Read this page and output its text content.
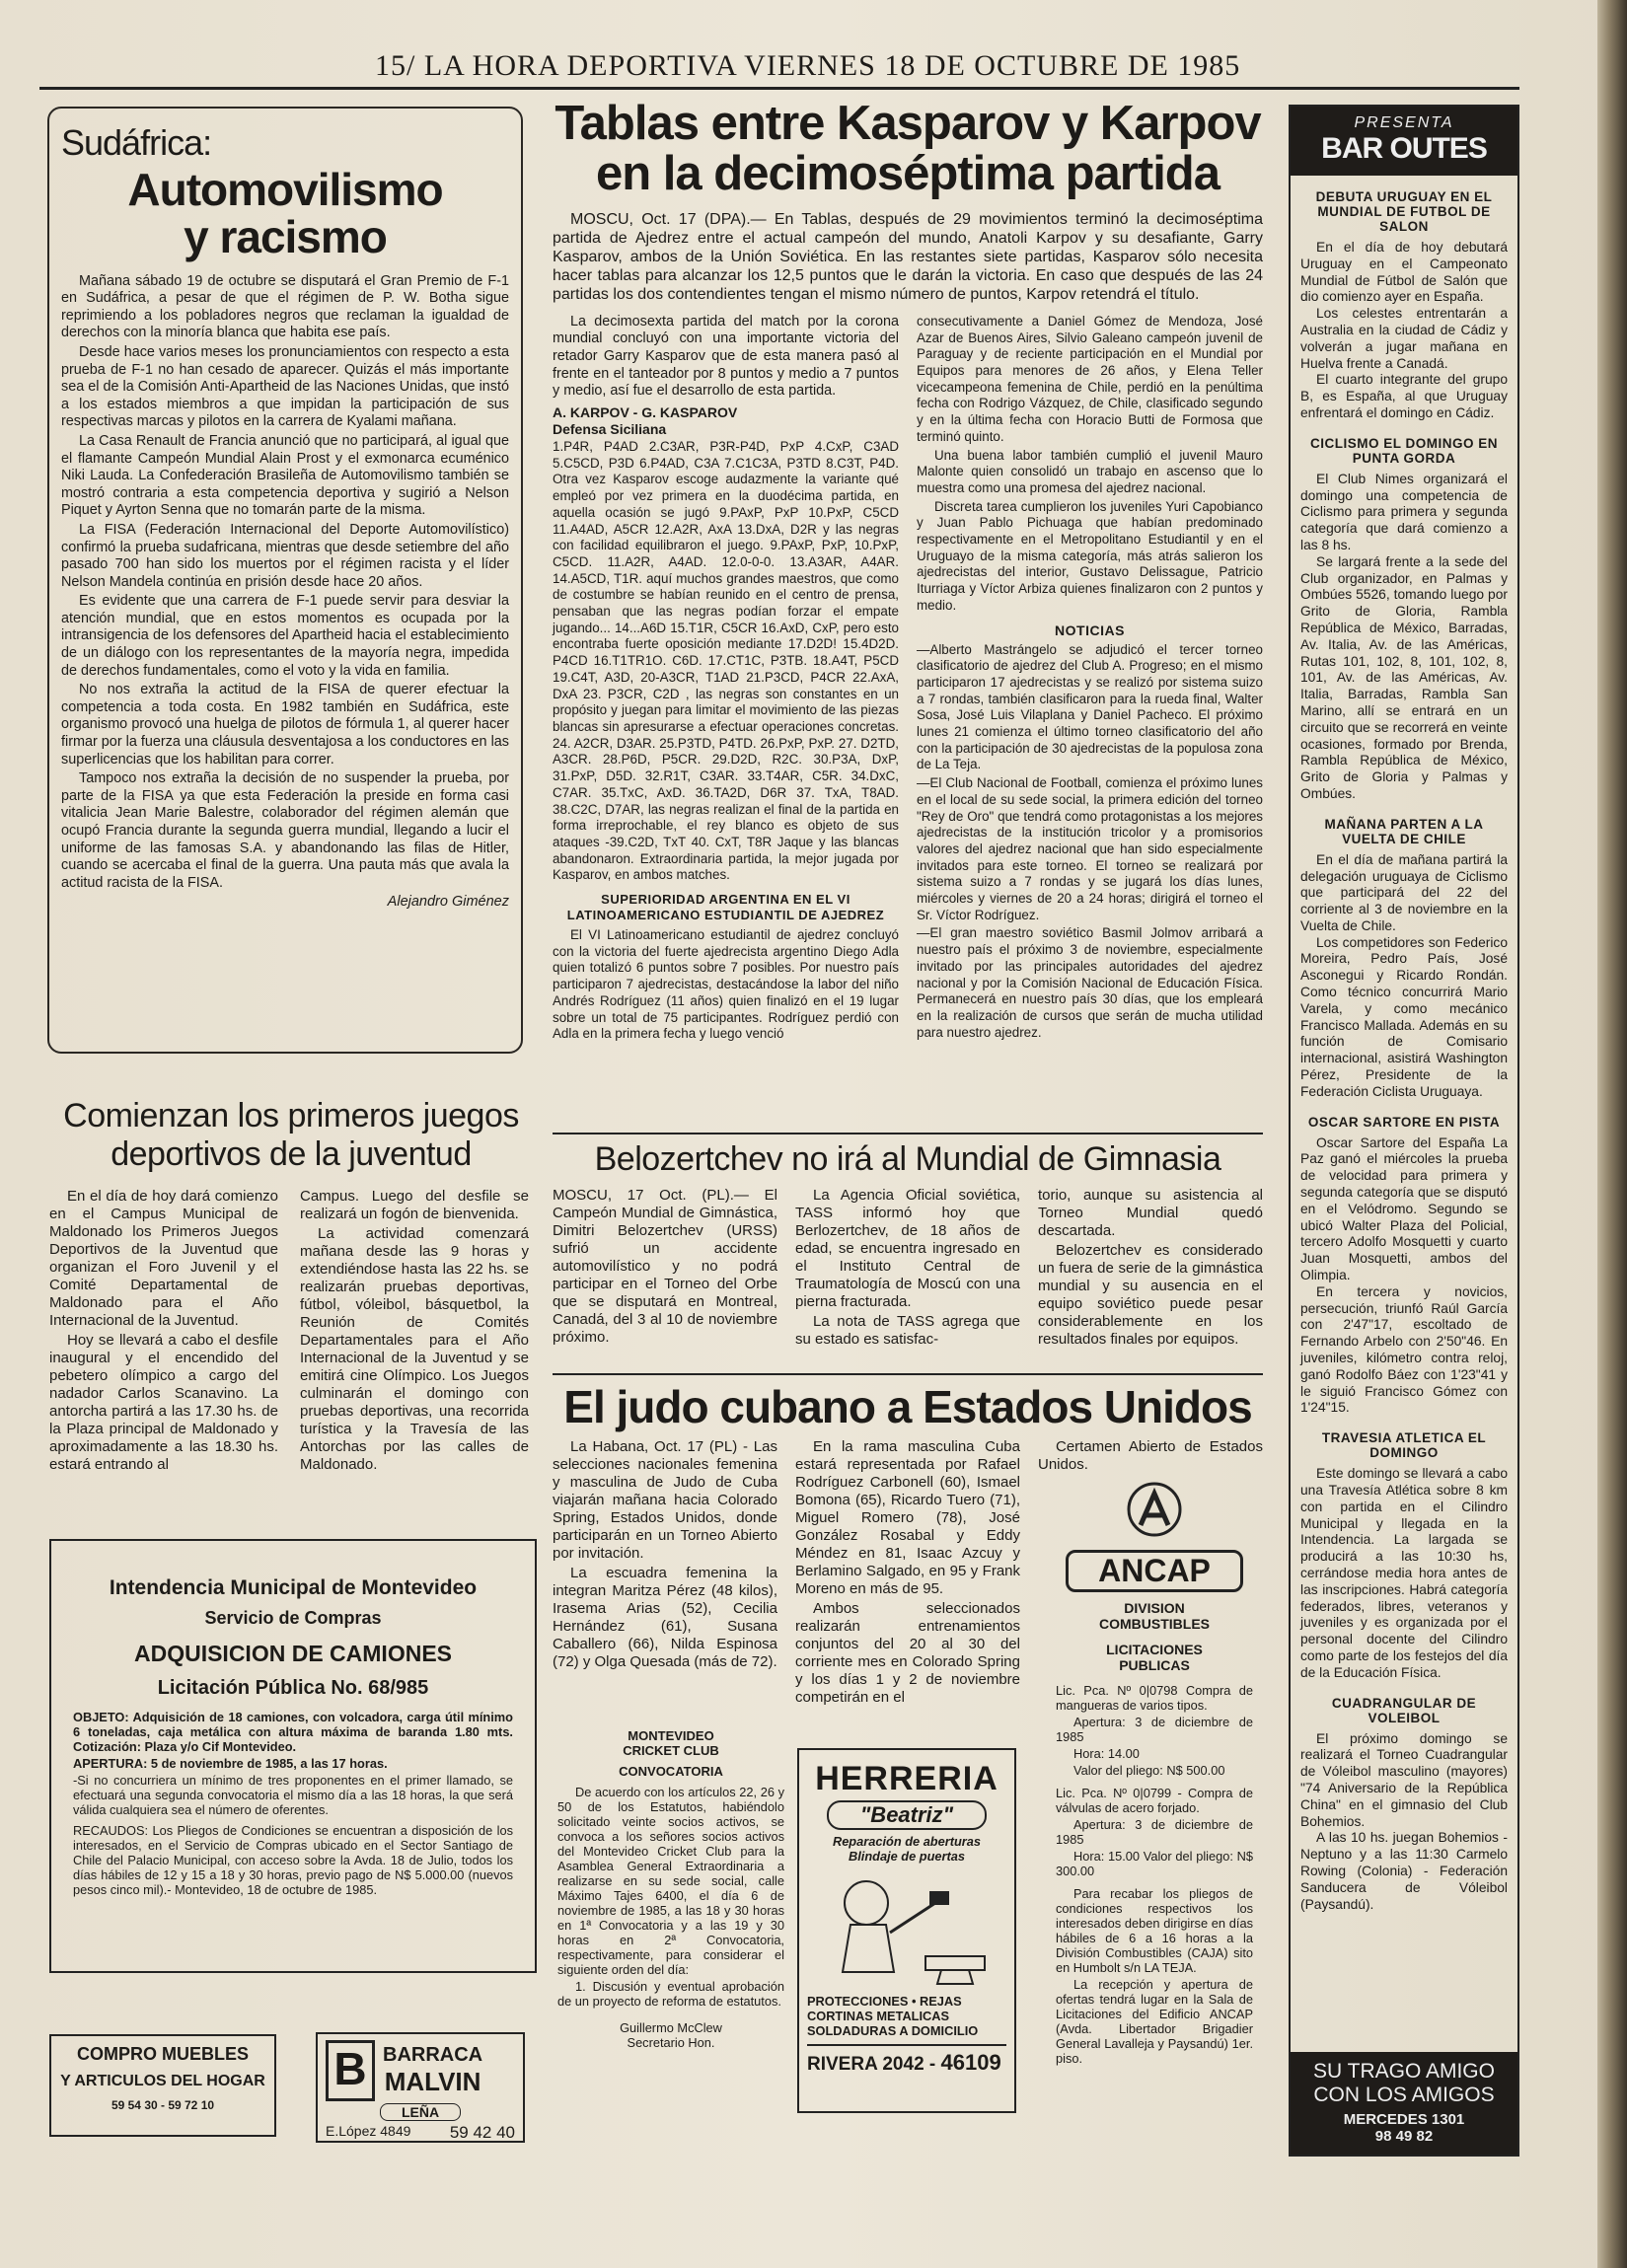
15/ LA HORA DEPORTIVA VIERNES 18 DE OCTUBRE DE 1985
Sudáfrica:
Automovilismo
y racismo

Mañana sábado 19 de octubre se disputará el Gran Premio de F-1 en Sudáfrica, a pesar de que el régimen de P. W. Botha sigue reprimiendo a los pobladores negros que reclaman la igualdad de derechos con la minoría blanca que habita ese país.

Desde hace varios meses los pronunciamientos con respecto a esta prueba de F-1 no han cesado de aparecer. Quizás el más importante sea el de la Comisión Anti-Apartheid de las Naciones Unidas, que instó a los estados miembros a que impidan la participación de sus respectivas marcas y pilotos en la carrera de Kyalami mañana.

La Casa Renault de Francia anunció que no participará, al igual que el flamante Campeón Mundial Alain Prost y el exmonarca ecuménico Niki Lauda. La Confederación Brasileña de Automovilismo también se mostró contraria a esta competencia deportiva y sugirió a Nelson Piquet y Ayrton Senna que no tomarán parte de la misma.

La FISA (Federación Internacional del Deporte Automovilístico) confirmó la prueba sudafricana, mientras que desde setiembre del año pasado 700 han sido los muertos por el régimen racista y el líder Nelson Mandela continúa en prisión desde hace 20 años.

Es evidente que una carrera de F-1 puede servir para desviar la atención mundial, que en estos momentos es ocupada por la intransigencia de los defensores del Apartheid hacia el establecimiento de un diálogo con los representantes de la mayoría negra, impedida de derechos fundamentales, como el voto y la vida en familia.

No nos extraña la actitud de la FISA de querer efectuar la competencia a toda costa. En 1982 también en Sudáfrica, este organismo provocó una huelga de pilotos de fórmula 1, al querer hacer firmar por la fuerza una cláusula desventajosa a los conductores en las superlicencias que los habilitan para correr.

Tampoco nos extraña la decisión de no suspender la prueba, por parte de la FISA ya que esta Federación la preside en forma casi vitalicia Jean Marie Balestre, colaborador del régimen alemán que ocupó Francia durante la segunda guerra mundial, llegando a lucir el uniforme de las famosas S.A. y abandonando las filas de Hitler, cuando se acercaba el final de la guerra. Una pauta más que avala la actitud racista de la FISA.

Alejandro Giménez
Tablas entre Kasparov y Karpov
en la decimoséptima partida

MOSCU, Oct. 17 (DPA).— En Tablas, después de 29 movimientos terminó la decimoséptima partida de Ajedrez entre el actual campeón del mundo, Anatoli Karpov y su desafiante, Garry Kasparov, ambos de la Unión Soviética. En las restantes siete partidas, Kasparov sólo necesita hacer tablas para alcanzar los 12,5 puntos que le darán la victoria. En caso que después de las 24 partidas los dos contendientes tengan el mismo número de puntos, Karpov retendrá el título.

La decimosexta partida del match por la corona mundial concluyó con una importante victoria del retador Garry Kasparov que de esta manera pasó al frente en el tanteador por 8 puntos y medio a 7 puntos y medio, así fue el desarrollo de esta partida.

A. KARPOV - G. KASPAROV
Defensa Siciliana

1.P4R, P4AD 2.C3AR, P3R-P4D, PxP 4.CxP, C3AD 5.C5CD, P3D 6.P4AD, C3A 7.C1C3A, P3TD 8.C3T, P4D. Otra vez Kasparov escoge audazmente la variante qué empleó por vez primera en la duodécima partida, en aquella ocasión se jugó 9.PAxP, PxP 10.PxP, C5CD 11.A4AD, A5CR 12.A2R, AxA 13.DxA, D2R y las negras con facilidad equilibraron el juego. 9.PAxP, PxP, 10.PxP, C5CD. 11.A2R, A4AD. 12.0-0-0. 13.A3AR, A4AR. 14.A5CD, T1R. aquí muchos grandes maestros, que como de costumbre se habían reunido en el centro de prensa, pensaban que las negras podían forzar el empate jugando... 14...A6D 15.T1R, C5CR 16.AxD, CxP, pero esto encontraba fuerte oposición mediante 17.D2D! 15.4D2D. P4CD 16.T1TR1O. C6D. 17.CT1C, P3TB. 18.A4T, P5CD 19.C4T, A3D, 20-A3CR, T1AD 21.P3CD, P4CR 22.AxA, DxA 23. P3CR, C2D , las negras son constantes en un propósito y juegan para limitar el movimiento de las piezas blancas sin apresurarse a efectuar operaciones concretas. 24. A2CR, D3AR. 25.P3TD, P4TD. 26.PxP, PxP. 27. D2TD, A3CR. 28.P6D, P5CR. 29.D2D, R2C. 30.P3A, DxP, 31.PxP, D5D. 32.R1T, C3AR. 33.T4AR, C5R. 34.DxC, C7AR. 35.TxC, AxD. 36.TA2D, D6R 37. TxA, T8AD. 38.C2C, D7AR, las negras realizan el final de la partida en forma irreprochable, el rey blanco es objeto de sus ataques -39.C2D, TxT 40. CxT, T8R Jaque y las blancas abandonaron. Extraordinaria partida, la mejor jugada por Kasparov, en ambos matches.

SUPERIORIDAD ARGENTINA EN EL VI LATINOAMERICANO ESTUDIANTIL DE AJEDREZ

El VI Latinoamericano estudiantil de ajedrez concluyó con la victoria del fuerte ajedrecista argentino Diego Adla quien totalizó 6 puntos sobre 7 posibles. Por nuestro país participaron 7 ajedrecistas, destacándose la labor del niño Andrés Rodríguez (11 años) quien finalizó en el 19 lugar sobre un total de 75 participantes. Rodríguez perdió con Adla en la primera fecha y luego venció

consecutivamente a Daniel Gómez de Mendoza, José Azar de Buenos Aires, Silvio Galeano campeón juvenil de Paraguay y de reciente participación en el Mundial por Equipos para menores de 26 años, y Elena Teller vicecampeona femenina de Chile, perdió en la penúltima fecha con Rodrigo Vázquez, de Chile, clasificado segundo y en la última fecha con Horacio Butti de Formosa que terminó quinto.

Una buena labor también cumplió el juvenil Mauro Malonte quien consolidó un trabajo en ascenso que lo muestra como una promesa del ajedrez nacional.

Discreta tarea cumplieron los juveniles Yuri Capobianco y Juan Pablo Pichuaga que habían predominado respectivamente en el Metropolitano Estudiantil y en el Uruguayo de la misma categoría, más atrás salieron los ajedrecistas del interior, Gustavo Delissague, Patricio Iturriaga y Víctor Arbiza quienes finalizaron con 2 puntos y medio.

NOTICIAS

—Alberto Mastrángelo se adjudicó el tercer torneo clasificatorio de ajedrez del Club A. Progreso; en el mismo participaron 17 ajedrecistas y se realizó por sistema suizo a 7 rondas, también clasificaron para la rueda final, Walter Sosa, José Luis Vilaplana y Daniel Pacheco. El próximo lunes 21 comienza el último torneo clasificatorio del año con la participación de 30 ajedrecistas de la populosa zona de La Teja.

—El Club Nacional de Football, comienza el próximo lunes en el local de su sede social, la primera edición del torneo "Rey de Oro" que tendrá como protagonistas a los mejores ajedrecistas de la institución tricolor y a promisorios valores del ajedrez nacional que han sido especialmente invitados para este torneo. El torneo se realizará por sistema suizo a 7 rondas y se jugará los días lunes, miércoles y viernes de 20 a 24 horas; dirigirá el torneo el Sr. Víctor Rodríguez.

—El gran maestro soviético Basmil Jolmov arribará a nuestro país el próximo 3 de noviembre, especialmente invitado por las principales autoridades del ajedrez nacional y por la Comisión Nacional de Educación Física. Permanecerá en nuestro país 30 días, que los empleará en la realización de cursos que serán de mucha utilidad para nuestro ajedrez.

Comienzan los primeros juegos
deportivos de la juventud

En el día de hoy dará comienzo en el Campus Municipal de Maldonado los Primeros Juegos Deportivos de la Juventud que organizan el Foro Juvenil y el Comité Departamental de Maldonado para el Año Internacional de la Juventud.

Hoy se llevará a cabo el desfile inaugural y el encendido del pebetero olímpico a cargo del nadador Carlos Scanavino. La antorcha partirá a las 17.30 hs. de la Plaza principal de Maldonado y aproximadamente a las 18.30 hs. estará entrando al

Campus. Luego del desfile se realizará un fogón de bienvenida.

La actividad comenzará mañana desde las 9 horas y extendiéndose hasta las 22 hs. se realizarán pruebas deportivas, fútbol, vóleibol, básquetbol, la Reunión de Comités Departamentales para el Año Internacional de la Juventud y se emitirá cine Olímpico. Los Juegos culminarán el domingo con pruebas deportivas, una recorrida turística y la Travesía de las Antorchas por las calles de Maldonado.

Belozertchev no irá al Mundial de Gimnasia

MOSCU, 17 Oct. (PL).— El Campeón Mundial de Gimnástica, Dimitri Belozertchev (URSS) sufrió un accidente automovilístico y no podrá participar en el Torneo del Orbe que se disputará en Montreal, Canadá, del 3 al 10 de noviembre próximo.

La Agencia Oficial soviética, TASS informó hoy que Berlozertchev, de 18 años de edad, se encuentra ingresado en el Instituto Central de Traumatología de Moscú con una pierna fracturada.

La nota de TASS agrega que su estado es satisfac-

torio, aunque su asistencia al Torneo Mundial quedó descartada.

Belozertchev es considerado un fuera de serie de la gimnástica mundial y su ausencia en el equipo soviético puede pesar considerablemente en los resultados finales por equipos.

El judo cubano a Estados Unidos

La Habana, Oct. 17 (PL) - Las selecciones nacionales femenina y masculina de Judo de Cuba viajarán mañana hacia Colorado Spring, Estados Unidos, donde participarán en un Torneo Abierto por invitación.

La escuadra femenina la integran Maritza Pérez (48 kilos), Irasema Arias (52), Cecilia Hernández (61), Susana Caballero (66), Nilda Espinosa (72) y Olga Quesada (más de 72).

En la rama masculina Cuba estará representada por Rafael Rodríguez Carbonell (60), Ismael Bomona (65), Ricardo Tuero (71), Miguel Romero (78), José González Rosabal y Eddy Méndez en 81, Isaac Azcuy y Berlamino Salgado, en 95 y Frank Moreno en más de 95.

Ambos seleccionados realizarán entrenamientos conjuntos del 20 al 30 del corriente mes en Colorado Spring y los días 1 y 2 de noviembre competirán en el

Certamen Abierto de Estados Unidos.

Intendencia Municipal de Montevideo
Servicio de Compras
ADQUISICION DE CAMIONES
Licitación Pública No. 68/985

OBJETO: Adquisición de 18 camiones, con volcadora, carga útil mínimo 6 toneladas, caja metálica con altura máxima de baranda 1.80 mts. Cotización: Plaza y/o Cif Montevideo.

APERTURA: 5 de noviembre de 1985, a las 17 horas.

-Si no concurriera un mínimo de tres proponentes en el primer llamado, se efectuará una segunda convocatoria el mismo día a las 18 horas, la que será válida cualquiera sea el número de oferentes.

RECAUDOS: Los Pliegos de Condiciones se encuentran a disposición de los interesados, en el Servicio de Compras ubicado en el Sector Santiago de Chile del Palacio Municipal, con acceso sobre la Avda. 18 de Julio, todos los días hábiles de 12 y 15 a 18 y 30 horas, previo pago de N$ 5.000.00 (nuevos pesos cinco mil).- Montevideo, 18 de octubre de 1985.

COMPRO MUEBLES
Y ARTICULOS DEL HOGAR
59 54 30 - 59 72 10
B BARRACA
MALVIN
LEÑA
E.López 4849 59 42 40
MONTEVIDEO
CRICKET CLUB
CONVOCATORIA

De acuerdo con los artículos 22, 26 y 50 de los Estatutos, habiéndolo solicitado veinte socios activos, se convoca a los señores socios activos del Montevideo Cricket Club para la Asamblea General Extraordinaria a realizarse en su sede social, calle Máximo Tajes 6400, el día 6 de noviembre de 1985, a las 18 y 30 horas en 1ª Convocatoria y a las 19 y 30 horas en 2ª Convocatoria, respectivamente, para considerar el siguiente orden del día:

1. Discusión y eventual aprobación de un proyecto de reforma de estatutos.

Guillermo McClew
Secretario Hon.
HERRERIA
"Beatriz"
Reparación de aberturas
Blindaje de puertas
PROTECCIONES • REJAS
CORTINAS METALICAS
SOLDADURAS A DOMICILIO
RIVERA 2042 - 46109
ANCAP
DIVISION
COMBUSTIBLES
LICITACIONES
PUBLICAS

Lic. Pca. Nº 0|0798 Compra de mangueras de varios tipos.

Apertura: 3 de diciembre de 1985

Hora: 14.00

Valor del pliego: N$ 500.00

Lic. Pca. Nº 0|0799 - Compra de válvulas de acero forjado.

Apertura: 3 de diciembre de 1985

Hora: 15.00 Valor del pliego: N$ 300.00

Para recabar los pliegos de condiciones respectivos los interesados deben dirigirse en días hábiles de 6 a 16 horas a la División Combustibles (CAJA) sito en Humbolt s/n LA TEJA.

La recepción y apertura de ofertas tendrá lugar en la Sala de Licitaciones del Edificio ANCAP (Avda. Libertador Brigadier General Lavalleja y Paysandú) 1er. piso.

PRESENTA
BAR OUTES
DEBUTA URUGUAY EN EL MUNDIAL DE FUTBOL DE SALON

En el día de hoy debutará Uruguay en el Campeonato Mundial de Fútbol de Salón que dio comienzo ayer en España.

Los celestes entrentarán a Australia en la ciudad de Cádiz y volverán a jugar mañana en Huelva frente a Canadá.

El cuarto integrante del grupo B, es España, al que Uruguay enfrentará el domingo en Cádiz.

CICLISMO EL DOMINGO EN PUNTA GORDA

El Club Nimes organizará el domingo una competencia de Ciclismo para primera y segunda categoría que dará comienzo a las 8 hs.

Se largará frente a la sede del Club organizador, en Palmas y Ombúes 5526, tomando luego por Grito de Gloria, Rambla República de México, Barradas, Av. Italia, Av. de las Américas, Rutas 101, 102, 8, 101, 102, 8, 101, Av. de las Américas, Av. Italia, Barradas, Rambla San Marino, allí se entrará en un circuito que se recorrerá en veinte ocasiones, formado por Brenda, Rambla República de México, Grito de Gloria y Palmas y Ombúes.

MAÑANA PARTEN A LA VUELTA DE CHILE

En el día de mañana partirá la delegación uruguaya de Ciclismo que participará del 22 del corriente al 3 de noviembre en la Vuelta de Chile.

Los competidores son Federico Moreira, Pedro País, José Asconegui y Ricardo Rondán. Como técnico concurrirá Mario Varela, y como mecánico Francisco Mallada. Además en su función de Comisario internacional, asistirá Washington Pérez, Presidente de la Federación Ciclista Uruguaya.

OSCAR SARTORE EN PISTA

Oscar Sartore del España La Paz ganó el miércoles la prueba de velocidad para primera y segunda categoría que se disputó en el Velódromo. Segundo se ubicó Walter Plaza del Policial, tercero Adolfo Mosquetti y cuarto Juan Mosquetti, ambos del Olimpia.

En tercera y novicios, persecución, triunfó Raúl García con 2'47"17, escoltado de Fernando Arbelo con 2'50"46. En juveniles, kilómetro contra reloj, ganó Rodolfo Báez con 1'23"41 y le siguió Francisco Gómez con 1'24"15.

TRAVESIA ATLETICA EL DOMINGO

Este domingo se llevará a cabo una Travesía Atlética sobre 8 km con partida en el Cilindro Municipal y llegada en la Intendencia. La largada se producirá a las 10:30 hs, cerrándose media hora antes de las inscripciones. Habrá categoría federados, libres, veteranos y juveniles y es organizada por el personal docente del Cilindro como parte de los festejos del día de la Educación Física.

CUADRANGULAR DE VOLEIBOL

El próximo domingo se realizará el Torneo Cuadrangular de Vóleibol masculino (mayores) "74 Aniversario de la República China" en el gimnasio del Club Bohemios.

A las 10 hs. juegan Bohemios - Neptuno y a las 11:30 Carmelo Rowing (Colonia) - Federación Sanducera de Vóleibol (Paysandú).

SU TRAGO AMIGO
CON LOS AMIGOS
MERCEDES 1301
98 49 82
